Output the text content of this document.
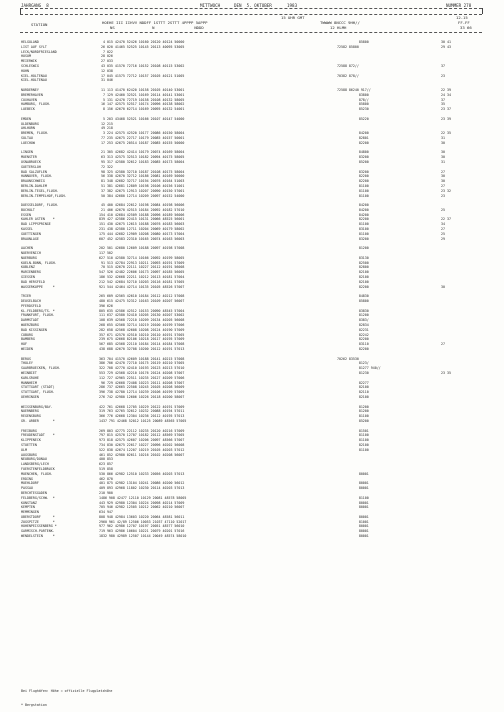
JAHRGANG  8	MITTWOCH	DEN  5. OKTOBER	1983	NUMMER 278
15 UHR GMT	12-15
STATION	HOEHE III IIHVV NDDFF 1STTT 2STTT 4PPPP 5APPP
NS                N                 NDDD
TWWWW 8NCCC 9HH//
12 HLMH
FF-FF
33 66
HELGOLAND	4 015 42470 52426 10160 20120 40124 50000	85800	30 41
LIST AUF SYLT	26 020 41465 52525 10145 20113 40095 53005	72582 85800	29 43
LECK/NORDFRIESLAND	7 022		
HUSUM	28 026		
MEIERWIK	27 033		
SCHLESWIG	43 035 41570 72716 10152 20108 40115 53002	72588 872//	37
HOHN	12 038		
KIEL-HOLTENAU	17 045 41575 72712 10157 20105 40121 51005	70382 878//	23
KIEL-HOLTENAU	31 046		

NORDERNEY	11 113 41470 62420 10158 20105 40140 53001	72588 86240 917//	22 39
BREMERHAVEN	7 129 42460 32521 10169 20114 40141 53001	83800	24 34
CUXHAVEN	5 131 42470 72719 10158 20108 40132 58005	878//	37
HAMBURG, FLUGH.	16 147 42575 52517 10174 20096 40138 58002	85800	35
LUEBECK	8 156 42670 62714 10169 20095 40132 54001	85230	23 37

EMDEN	5 203 43468 52521 10166 20107 40147 54000	85220	23 39
OLDENBURG	12 215		
AHLHORN	49 218		
BREMEN, FLUGH.	3 224 42575 42520 10177 20086 40150 58004	84200	22 35
SOLTAU	77 235 42675 22717 10179 20085 40157 50001	82801	31
LUECHOW	17 253 42675 20514 10187 20085 40155 50000	82200	30

LINGEN	21 305 42682 42414 10179 20074 40169 58004	84800	30
MUENSTER	63 313 42575 32513 10182 20094 40175 58005	83200	30
OSNABRUECK	95 317 42580 32612 10183 20085 40173 58004	85200	31
GUETERSLOH	72 322		
BAD SALZUFLEN	98 325 42580 32710 10187 20108 40175 58004	83200	27
HANNOVER, FLUGH.	56 338 42670 32712 10186 20081 40169 50000	82200	30
BRAUNSCHWEIG	81 348 42682 32717 10194 20076 40164 51003	82200	30
BERLIN-DAHLEM	51 381 42681 12809 10198 20106 40156 51001	81100	27
BERLIN-TEGEL,FLUGH.	37 382 42675 12913 10207 20090 40150 57001	81100	23 32
BERLIN-TEMPELHOF,FLUGH.	50 384 42680 12714 10209 20097 40152 54000	81100	23

DUESSELDORF, FLUGH.	45 400 42684 22612 10198 20084 40198 56006	84200	
BOCHOLT	21 406 42670 42515 10184 20092 40182 57010	84200	25
ESSEN	154 410 42684 42509 10188 20096 40189 56006	84200	
KAHLER ASTEN    *	839 427 42586 22415 10131 20066 48525 56001	82200	22 37
BAD LIPPSPRINGE	151 430 42675 12615 10188 20076 40183 56003	81100	34
KASSEL	231 438 42580 12711 10204 20069 40179 58002	83100	27
GOETTINGEN	175 444 42682 12909 10208 20080 40173 57004	81100	25
BRAUNLAGE	607 452 42583 22310 10165 20074 40163 56003	83200	29

AACHEN	202 501 42680 12609 10188 20097 40198 57008	81200	
NOERVENICH	117 502		
NUERBURG	627 510 42580 32714 10166 20092 40199 58005	83130	
KOELN-BONN, FLUGH.	91 513 42784 22913 10211 20093 40191 57009	82500	
KOBLENZ	70 515 42670 22111 10227 20112 40191 56008	82800	
MARIENBERG	547 526 42482 22606 10173 20097 40185 56005	82100	
GIESSEN	186 532 42668 22211 10212 20113 40181 57004	82100	
BAD HERSFELD	212 542 42684 52710 10203 20116 40181 57005	82100	
WASSERKUPPE     *	921 544 42464 42714 10135 20105 48526 57007	82200	30

TRIER	265 609 42565 42610 10184 20112 40212 57008	84830	
DEUSELBACH	480 615 42475 52312 10163 20109 40207 56007	85800	
PFERDSFELD	396 626		
KL.FELDBERG/TS. *	805 635 42586 42512 10153 20090 48545 57004	83830	
FRANKFURT, FLUGH.	111 637 42580 52410 10205 20130 40207 53002	81200	
DARMSTADT	108 639 42568 72210 10209 20134 40205 56008	8383/	
WUERZBURG	268 655 42568 32714 10219 20100 40199 57006	82834	
BAD KISSINGEN	282 658 42568 42608 10208 20124 40190 57009	82231	
COBURG	357 671 42570 42510 10210 20110 40191 57005	82242	
BAMBERG	239 675 42668 82106 10218 20117 40195 57009	82200	
HOF	567 685 42568 22110 10184 20114 40184 57008	83110	27
WEIDEN	438 688 42670 32708 10200 20112 40191 57013	82200	

BERUS	363 704 41570 42609 10188 20141 40215 57008	70262 83530	
THOLEY	386 706 42470 72710 10175 20119 40210 57005	8123/	
SAARBRUECKEN, FLUGH.	322 708 42770 42410 10193 20123 40213 57010	81277 940//	
WEINBIET	553 729 42568 42210 10176 20124 40208 57007	81230	23 35
KARLSRUHE	112 727 42965 22511 10235 20127 40209 57006		
MANNHEIM	96 729 42668 72408 10223 20111 40208 57007	82277	
STUTTGART (STADT)	286 737 42665 22508 10245 20105 40208 56009	82100	
STUTTGART, FLUGH.	396 738 42780 12714 10239 20106 40199 57009	82110	
OEHRINGEN	276 742 42980 12606 10226 20118 40200 58007	82100	

WEISSENBURG/BAY.	422 761 42668 12705 10229 20122 40191 57009	81200	
NUERNBERG	319 763 42765 32612 10232 20088 40194 57011	81200	
REGENSBURG	366 776 42668 12304 10236 20112 40195 57013	81100	
GR. ARBER       *	1437 791 42468 52012 10125 20089 48565 57005	85200	

FREIBURG	269 803 42775 22112 10235 20120 40216 57009	81501	
FREUDENSTADT    *	797 815 42570 12707 10182 20112 48569 57005	81100	
KLIPPENECK	973 818 42575 42607 10206 20097 48566 57007	81100	
STOETTEN	734 830 42675 22617 10227 20096 40202 56008	82100	
ULM	522 838 42674 12207 10219 20105 40203 57012	81100	
AUGSBURG	461 852 42980 02611 10216 20102 40208 56007		
NEUBURG/DONAU	400 853		
LANDSBERG/LECH	623 857		
FUERSTENFELDBRUCK	519 858		
MUENCHEN, FLUGH.	530 866 42982 12510 10233 20056 40203 57013	80001	
ERDING	462 870		
MUEHLDORF	401 875 42982 13104 10241 20086 40200 56012	80001	
PASSAU	409 893 42968 11802 10230 20114 40203 57013	80001	
BERCHTESGADEN	210 900		
FELDBERG/SCHW.  *	1486 908 42477 12110 10129 20081 48578 58005	81100	
KONSTANZ	443 929 42980 12304 10224 20098 40214 57009	80001	
KEMPTEN	705 946 42982 12505 10212 20062 40210 56007	80001	
MEMMINGEN	634 947		
OBERSTDORF      *	808 948 42984 13603 10220 20064 48581 56011	80001	
ZUGSPITZE       *	2960 961 42/89 12506 10053 21037 47110 52017	81001	
HOHENPEISSENBERG *	977 962 42986 12707 10197 20051 48577 56010	80001	
GARMISCH-PARTENK.	719 963 42986 10604 10221 20079 40201 57016	80001	
WENDELSTEIN     *	1832 980 42989 12507 10144 20049 48574 58010	80001	

Bei Flughäfen: Höhe = offizielle Flugplatzhöhe

* Bergstation
